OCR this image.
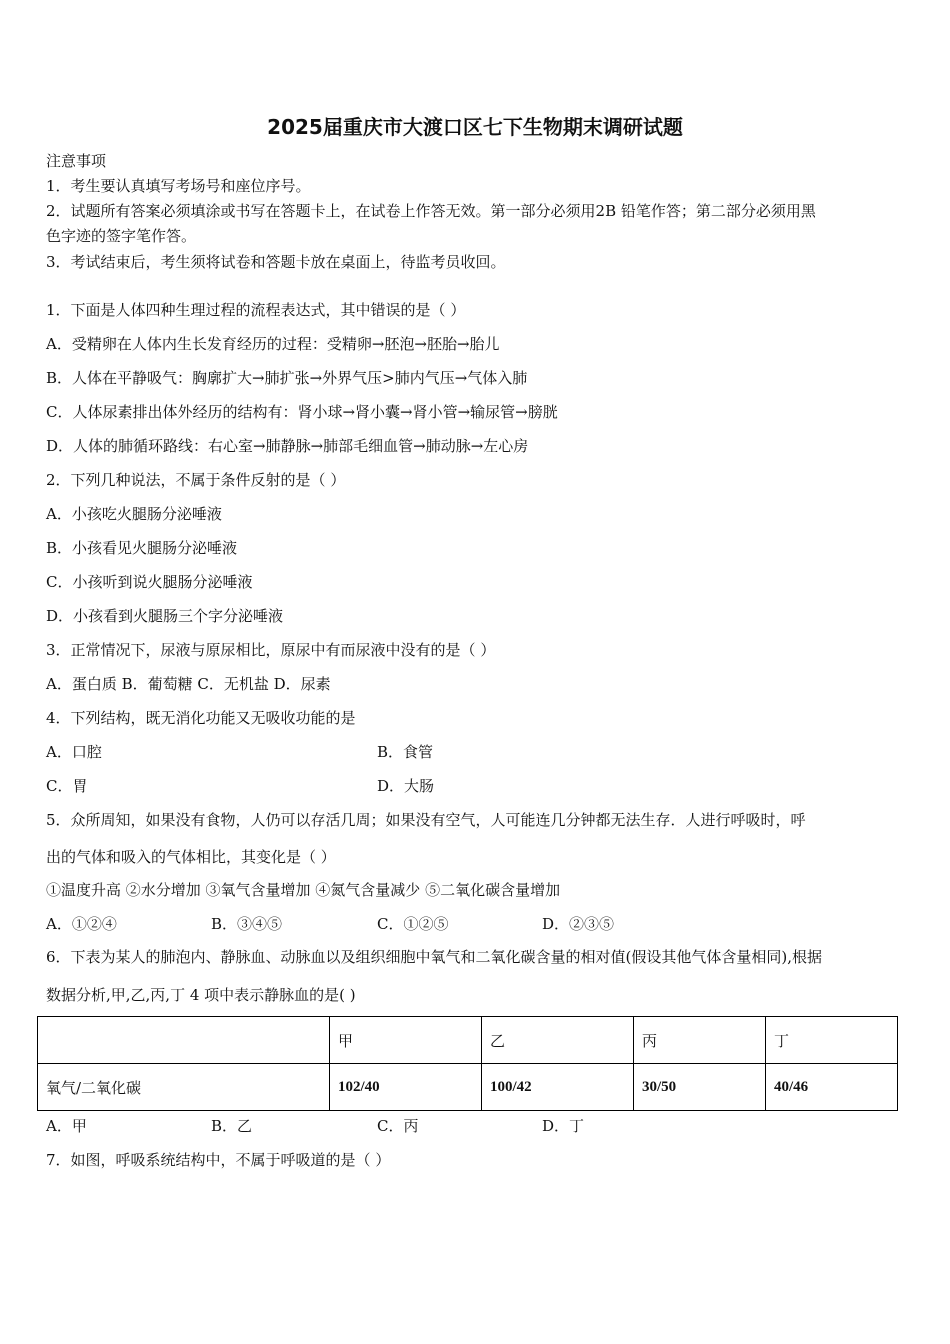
2025届重庆市大渡口区七下生物期末调研试题
注意事项
1．考生要认真填写考场号和座位序号。
2．试题所有答案必须填涂或书写在答题卡上，在试卷上作答无效。第一部分必须用2B 铅笔作答；第二部分必须用黑
色字迹的签字笔作答。
3．考试结束后，考生须将试卷和答题卡放在桌面上，待监考员收回。
1．下面是人体四种生理过程的流程表达式，其中错误的是（ ）
A．受精卵在人体内生长发育经历的过程：受精卵→胚泡→胚胎→胎儿
B．人体在平静吸气：胸廓扩大→肺扩张→外界气压>肺内气压→气体入肺
C．人体尿素排出体外经历的结构有：肾小球→肾小囊→肾小管→输尿管→膀胱
D．人体的肺循环路线：右心室→肺静脉→肺部毛细血管→肺动脉→左心房
2．下列几种说法，不属于条件反射的是（ ）
A．小孩吃火腿肠分泌唾液
B．小孩看见火腿肠分泌唾液
C．小孩听到说火腿肠分泌唾液
D．小孩看到火腿肠三个字分泌唾液
3．正常情况下，尿液与原尿相比，原尿中有而尿液中没有的是（ ）
A．蛋白质 B．葡萄糖 C．无机盐 D．尿素
4．下列结构，既无消化功能又无吸收功能的是
A．口腔	B．食管
C．胃	D．大肠
5．众所周知，如果没有食物，人仍可以存活几周；如果没有空气，人可能连几分钟都无法生存．人进行呼吸时，呼
出的气体和吸入的气体相比，其变化是（ ）
①温度升高 ②水分增加 ③氧气含量增加 ④氮气含量减少 ⑤二氧化碳含量增加
A．①②④	B．③④⑤	C．①②⑤	D．②③⑤
6．下表为某人的肺泡内、静脉血、动脉血以及组织细胞中氧气和二氧化碳含量的相对值(假设其他气体含量相同),根据
数据分析,甲,乙,丙,丁 4 项中表示静脉血的是( )
	甲	乙	丙	丁
氧气/二氧化碳	102/40	100/42	30/50	40/46
A．甲	B．乙	C．丙	D．丁
7．如图，呼吸系统结构中，不属于呼吸道的是（ ）
